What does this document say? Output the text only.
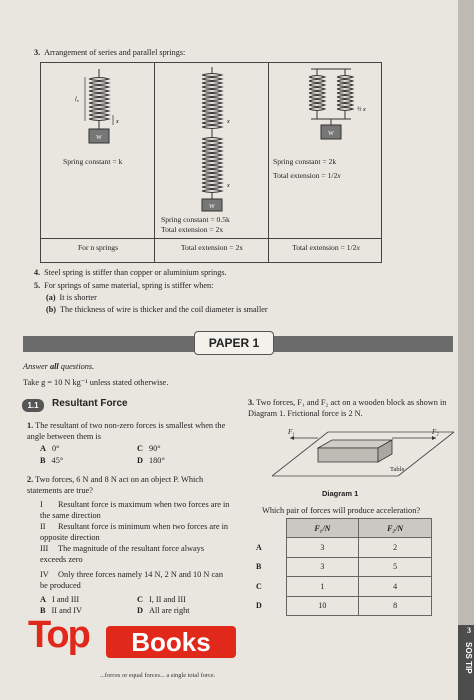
3. Arrangement of series and parallel springs:
W
l₀
x
W
x
x
W
½ x
Spring constant = k
Spring constant = 0.5k
Total extension = 2x
Spring constant = 2k
Total extension = 1/2x
For n springs	Total extension = 2x	Total extension = 1/2x
4. Steel spring is stiffer than copper or aluminium springs.
5. For springs of same material, spring is stiffer when:
(a) It is shorter
(b) The thickness of wire is thicker and the coil diameter is smaller
PAPER 1
Answer all questions.
Take g = 10 N kg⁻¹ unless stated otherwise.
1.1	Resultant Force
1. The resultant of two non-zero forces is smallest when the angle between them is
A 0°	C 90°
B 45°	D 180°
2. Two forces, 6 N and 8 N act on an object P. Which statements are true?
I Resultant force is maximum when two forces are in the same direction
II Resultant force is minimum when two forces are in opposite direction
III The magnitude of the resultant force always exceeds zero
IV Only three forces namely 14 N, 2 N and 10 N can be produced
A I and III	C I, II and III
B II and IV	D All are right
3. Two forces, F₁ and F₂ act on a wooden block as shown in Diagram 1. Frictional force is 2 N.
F₁	F₂
Table
Diagram 1
Which pair of forces will produce acceleration?
	F₁/N	F₂/N
A	3	2
B	3	5
C	1	4
D	10	8
...forces or equal forces... a single total force.
Top	Books	3
SOS TIP
